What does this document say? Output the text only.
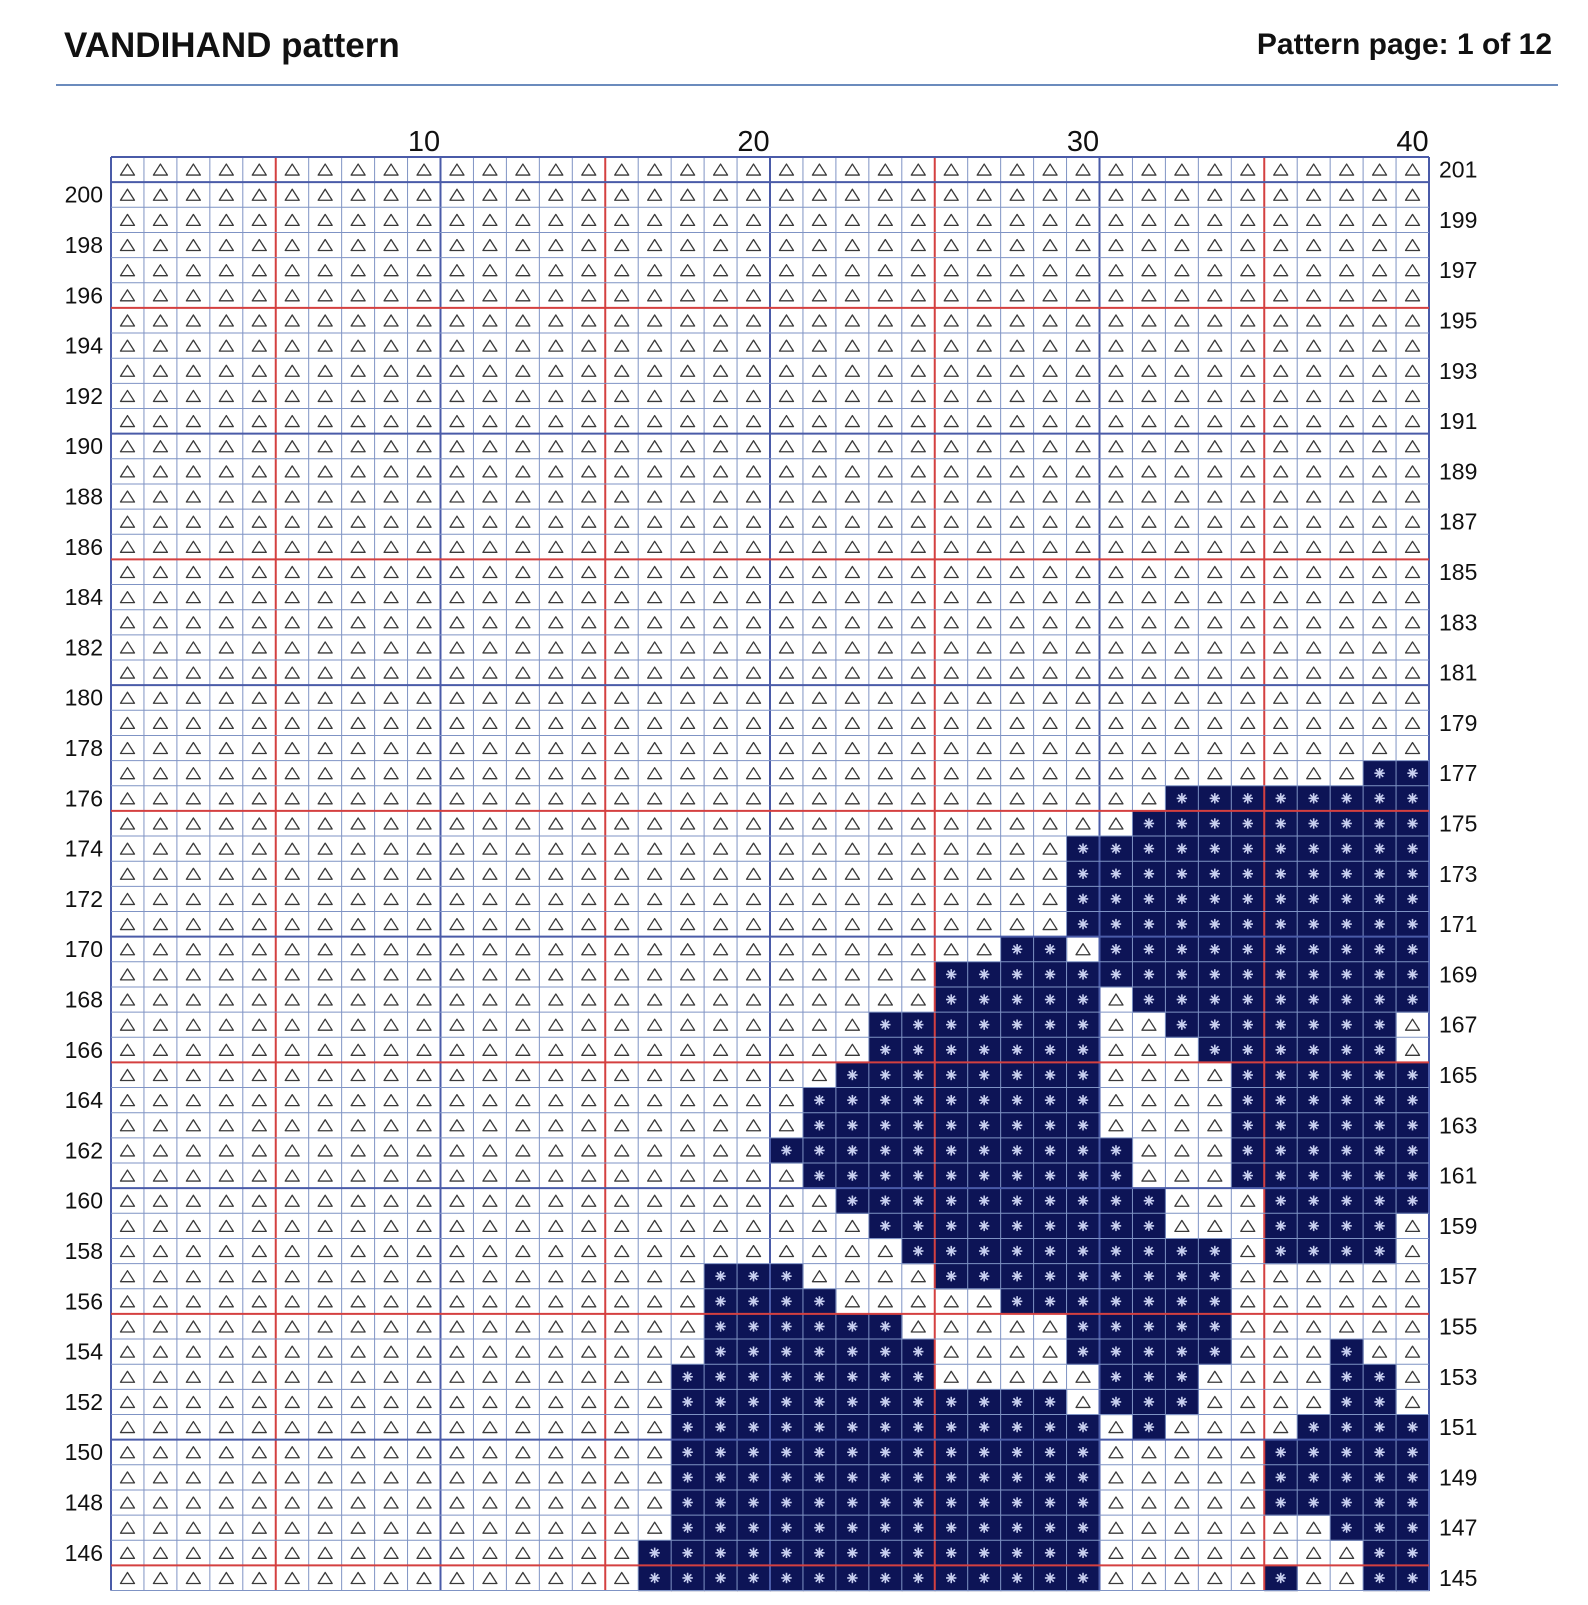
VANDIHAND pattern	Pattern page: 1 of 12
10	20	30	40
200
198
196
194
192
190
188
186
184
182
180
178
176
174
172
170
168
166
164
162
160
158
156
154
152
150
148
146
201
199
197
195
193
191
189
187
185
183
181
179
177
175
173
171
169
167
165
163
161
159
157
155
153
151
149
147
145
